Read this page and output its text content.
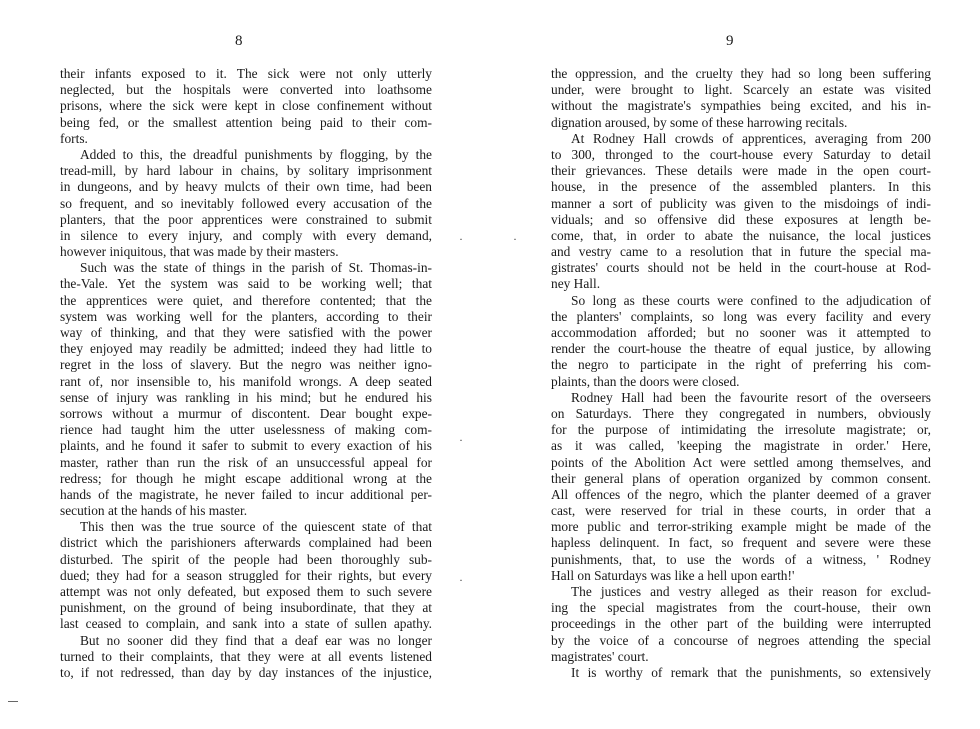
8
their infants exposed to it. The sick were not only utterly
neglected, but the hospitals were converted into loathsome
prisons, where the sick were kept in close confinement without
being fed, or the smallest attention being paid to their com-
forts.
Added to this, the dreadful punishments by flogging, by the
tread-mill, by hard labour in chains, by solitary imprisonment
in dungeons, and by heavy mulcts of their own time, had been
so frequent, and so inevitably followed every accusation of the
planters, that the poor apprentices were constrained to submit
in silence to every injury, and comply with every demand,
however iniquitous, that was made by their masters.
Such was the state of things in the parish of St. Thomas-in-
the-Vale. Yet the system was said to be working well; that
the apprentices were quiet, and therefore contented; that the
system was working well for the planters, according to their
way of thinking, and that they were satisfied with the power
they enjoyed may readily be admitted; indeed they had little to
regret in the loss of slavery. But the negro was neither igno-
rant of, nor insensible to, his manifold wrongs. A deep seated
sense of injury was rankling in his mind; but he endured his
sorrows without a murmur of discontent. Dear bought expe-
rience had taught him the utter uselessness of making com-
plaints, and he found it safer to submit to every exaction of his
master, rather than run the risk of an unsuccessful appeal for
redress; for though he might escape additional wrong at the
hands of the magistrate, he never failed to incur additional per-
secution at the hands of his master.
This then was the true source of the quiescent state of that
district which the parishioners afterwards complained had been
disturbed. The spirit of the people had been thoroughly sub-
dued; they had for a season struggled for their rights, but every
attempt was not only defeated, but exposed them to such severe
punishment, on the ground of being insubordinate, that they at
last ceased to complain, and sank into a state of sullen apathy.
But no sooner did they find that a deaf ear was no longer
turned to their complaints, that they were at all events listened
to, if not redressed, than day by day instances of the injustice,
9
the oppression, and the cruelty they had so long been suffering
under, were brought to light. Scarcely an estate was visited
without the magistrate's sympathies being excited, and his in-
dignation aroused, by some of these harrowing recitals.
At Rodney Hall crowds of apprentices, averaging from 200
to 300, thronged to the court-house every Saturday to detail
their grievances. These details were made in the open court-
house, in the presence of the assembled planters. In this
manner a sort of publicity was given to the misdoings of indi-
viduals; and so offensive did these exposures at length be-
come, that, in order to abate the nuisance, the local justices
and vestry came to a resolution that in future the special ma-
gistrates' courts should not be held in the court-house at Rod-
ney Hall.
So long as these courts were confined to the adjudication of
the planters' complaints, so long was every facility and every
accommodation afforded; but no sooner was it attempted to
render the court-house the theatre of equal justice, by allowing
the negro to participate in the right of preferring his com-
plaints, than the doors were closed.
Rodney Hall had been the favourite resort of the overseers
on Saturdays. There they congregated in numbers, obviously
for the purpose of intimidating the irresolute magistrate; or,
as it was called, 'keeping the magistrate in order.' Here,
points of the Abolition Act were settled among themselves, and
their general plans of operation organized by common consent.
All offences of the negro, which the planter deemed of a graver
cast, were reserved for trial in these courts, in order that a
more public and terror-striking example might be made of the
hapless delinquent. In fact, so frequent and severe were these
punishments, that, to use the words of a witness, ' Rodney
Hall on Saturdays was like a hell upon earth!'
The justices and vestry alleged as their reason for exclud-
ing the special magistrates from the court-house, their own
proceedings in the other part of the building were interrupted
by the voice of a concourse of negroes attending the special
magistrates' court.
It is worthy of remark that the punishments, so extensively
·	·
·
·
